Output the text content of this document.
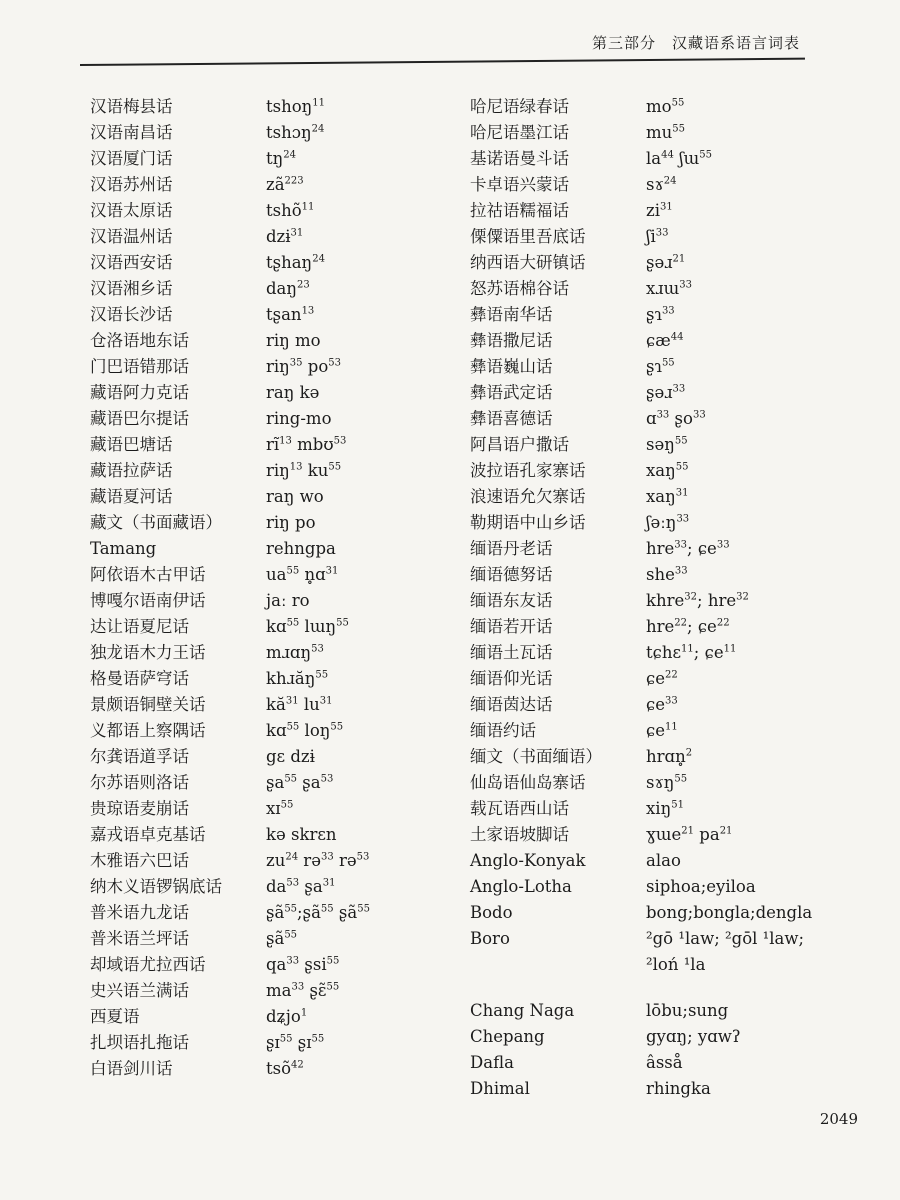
第三部分　汉藏语系语言词表
汉语梅县话	tshoŋ$^{11}$
汉语南昌话	tshɔŋ$^{24}$
汉语厦门话	$tŋ^{24}$
汉语苏州话	$zã^{223}$
汉语太原话	tshõ$^{11}$
汉语温州话	dzɨ$^{31}$
汉语西安话	tʂhaŋ$^{24}$
汉语湘乡话	daŋ$^{23}$
汉语长沙话	tʂan$^{13}$
仓洛语地东话	riŋ mo
门巴语错那话	riŋ$^{35}$ $po^{53}$
藏语阿力克话	raŋ kə
藏语巴尔提话	ring-mo
藏语巴塘话	$rĩ^{13}$ mbʊ$^{53}$
藏语拉萨话	riŋ$^{13}$ $ku^{55}$
藏语夏河话	raŋ wo
藏文（书面藏语）	riŋ po
Tamang	rehngpa
阿依语木古甲话	$ua^{55}$ n̥ɑ$^{31}$
博嘎尔语南伊话	jaː ro
达让语夏尼话	kɑ$^{55}$ lɯŋ$^{55}$
独龙语木力王话	mɹɑŋ$^{53}$
格曼语萨穹话	khɹăŋ$^{55}$
景颇语铜壁关话	$kă^{31}$ $lu^{31}$
义都语上察隅话	kɑ$^{55}$ loŋ$^{55}$
尔龚语道孚话	gɛ dzɨ
尔苏语则洛话	ʂa$^{55}$ ʂa$^{53}$
贵琼语麦崩话	xɪ$^{55}$
嘉戎语卓克基话	kə skrɛn
木雅语六巴话	$zu^{24}$ rə$^{33}$ rə$^{53}$
纳木义语锣锅底话	$da^{53}$ ʂa$^{31}$
普米语九龙话	ʂã$^{55}$;ʂã$^{55}$ ʂã$^{55}$
普米语兰坪话	ʂã$^{55}$
却域语尤拉西话	$qa^{33}$ ʂsi$^{55}$
史兴语兰满话	$ma^{33}$ ʂɛ̃$^{55}$
西夏语	dʑjo$^1$
扎坝语扎拖话	ʂɪ$^{55}$ ʂɪ$^{55}$
白语剑川话	tsõ$^{42}$
哈尼语绿春话	$mo^{55}$
哈尼语墨江话	$mu^{55}$
基诺语曼斗话	$la^{44}$ ʃɯ$^{55}$
卡卓语兴蒙话	sɤ$^{24}$
拉祜语糯福话	$zi^{31}$
傈僳语里吾底话	ʃi$^{33}$
纳西语大研镇话	ʂəɹ$^{21}$
怒苏语棉谷话	xɹɯ$^{33}$
彝语南华话	ʂɿ$^{33}$
彝语撒尼话	ɕæ$^{44}$
彝语巍山话	ʂɿ$^{55}$
彝语武定话	ʂəɹ$^{33}$
彝语喜德话	ɑ$^{33}$ ʂo$^{33}$
阿昌语户撒话	səŋ$^{55}$
波拉语孔家寨话	xaŋ$^{55}$
浪速语允欠寨话	xaŋ$^{31}$
勒期语中山乡话	ʃəːŋ$^{33}$
缅语丹老话	hre$^{33}$; ɕe$^{33}$
缅语德努话	she$^{33}$
缅语东友话	khre$^{32}$; hre$^{32}$
缅语若开话	hre$^{22}$; ɕe$^{22}$
缅语土瓦话	tɕhɛ$^{11}$; ɕe$^{11}$
缅语仰光话	ɕe$^{22}$
缅语茵达话	ɕe$^{33}$
缅语约话	ɕe$^{11}$
缅文（书面缅语）	hrɑn̥$^2$
仙岛语仙岛寨话	sɤŋ$^{55}$
载瓦语西山话	xiŋ$^{51}$
土家语坡脚话	ɣɯe$^{21}$ $pa^{21}$
Anglo-Konyak	alao
Anglo-Lotha	siphoa;eyiloa
Bodo	bong;bongla;dengla
Boro	²gō ¹law; ²gōl ¹law;
²loń ¹la
Chang Naga	lōbu;sung
Chepang	gyɑŋ; yɑwʔ
Dafla	âsså
Dhimal	rhingka
2049
